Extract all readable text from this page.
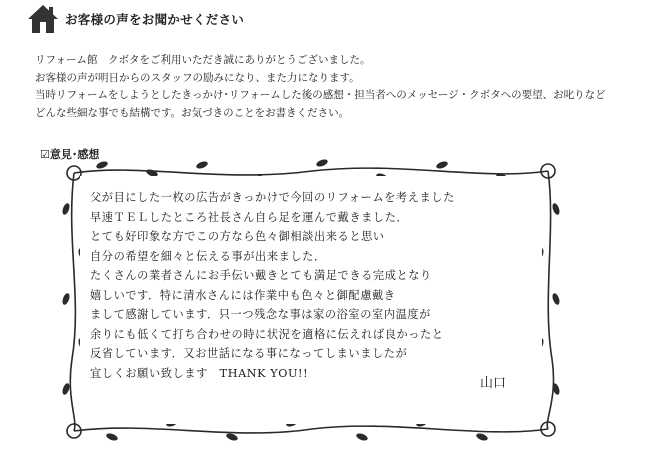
お客様の声をお聞かせください
リフォーム館　クボタをご利用いただき誠にありがとうございました。
お客様の声が明日からのスタッフの励みになり、また力になります。
当時リフォームをしようとしたきっかけ･リフォームした後の感想・担当者へのメッセージ・クボタへの要望、お叱りなど
どんな些細な事でも結構です。お気づきのことをお書きください。
☑意見･感想
父が目にした一枚の広告がきっかけで今回のリフォームを考えました
早速ＴＥＬしたところ社長さん自ら足を運んで戴きました．
とても好印象な方でこの方なら色々御相談出来ると思い
自分の希望を細々と伝える事が出来ました．
たくさんの業者さんにお手伝い戴きとても満足できる完成となり
嬉しいです．特に清水さんには作業中も色々と御配慮戴き
まして感謝しています．只一つ残念な事は家の浴室の室内温度が
余りにも低くて打ち合わせの時に状況を適格に伝えれば良かったと
反省しています．又お世話になる事になってしまいましたが
宜しくお願い致します　THANK YOU!!
山口
